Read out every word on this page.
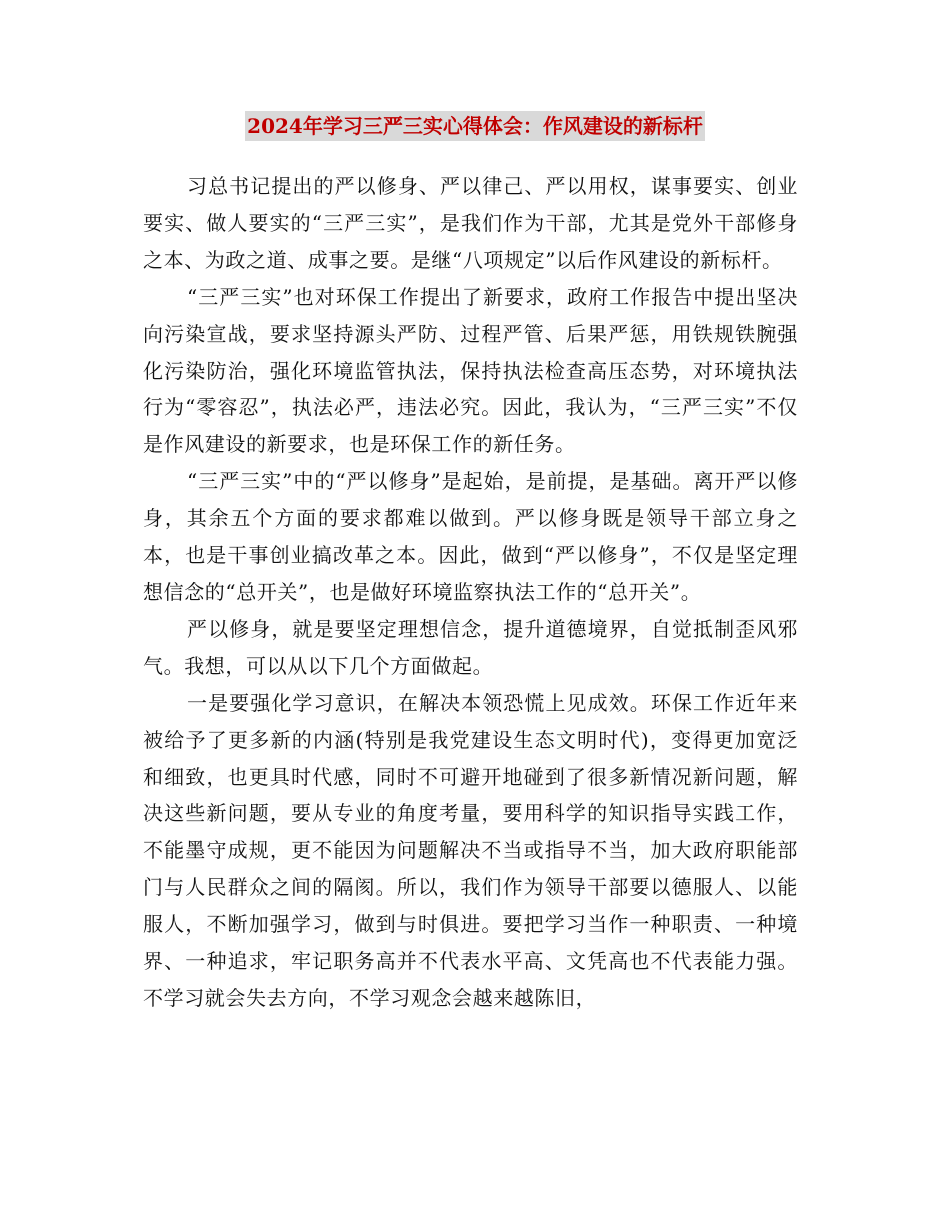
2024年学习三严三实心得体会：作风建设的新标杆

习总书记提出的严以修身、严以律己、严以用权，谋事要实、创业要实、做人要实的“三严三实”，是我们作为干部，尤其是党外干部修身之本、为政之道、成事之要。是继“八项规定”以后作风建设的新标杆。

“三严三实”也对环保工作提出了新要求，政府工作报告中提出坚决向污染宣战，要求坚持源头严防、过程严管、后果严惩，用铁规铁腕强化污染防治，强化环境监管执法，保持执法检查高压态势，对环境执法行为“零容忍”，执法必严，违法必究。因此，我认为，“三严三实”不仅是作风建设的新要求，也是环保工作的新任务。

“三严三实”中的“严以修身”是起始，是前提，是基础。离开严以修身，其余五个方面的要求都难以做到。严以修身既是领导干部立身之本，也是干事创业搞改革之本。因此，做到“严以修身”，不仅是坚定理想信念的“总开关”，也是做好环境监察执法工作的“总开关”。

严以修身，就是要坚定理想信念，提升道德境界，自觉抵制歪风邪气。我想，可以从以下几个方面做起。

一是要强化学习意识，在解决本领恐慌上见成效。环保工作近年来被给予了更多新的内涵(特别是我党建设生态文明时代)，变得更加宽泛和细致，也更具时代感，同时不可避开地碰到了很多新情况新问题，解决这些新问题，要从专业的角度考量，要用科学的知识指导实践工作，不能墨守成规，更不能因为问题解决不当或指导不当，加大政府职能部门与人民群众之间的隔阂。所以，我们作为领导干部要以德服人、以能服人，不断加强学习，做到与时俱进。要把学习当作一种职责、一种境界、一种追求，牢记职务高并不代表水平高、文凭高也不代表能力强。不学习就会失去方向，不学习观念会越来越陈旧，
